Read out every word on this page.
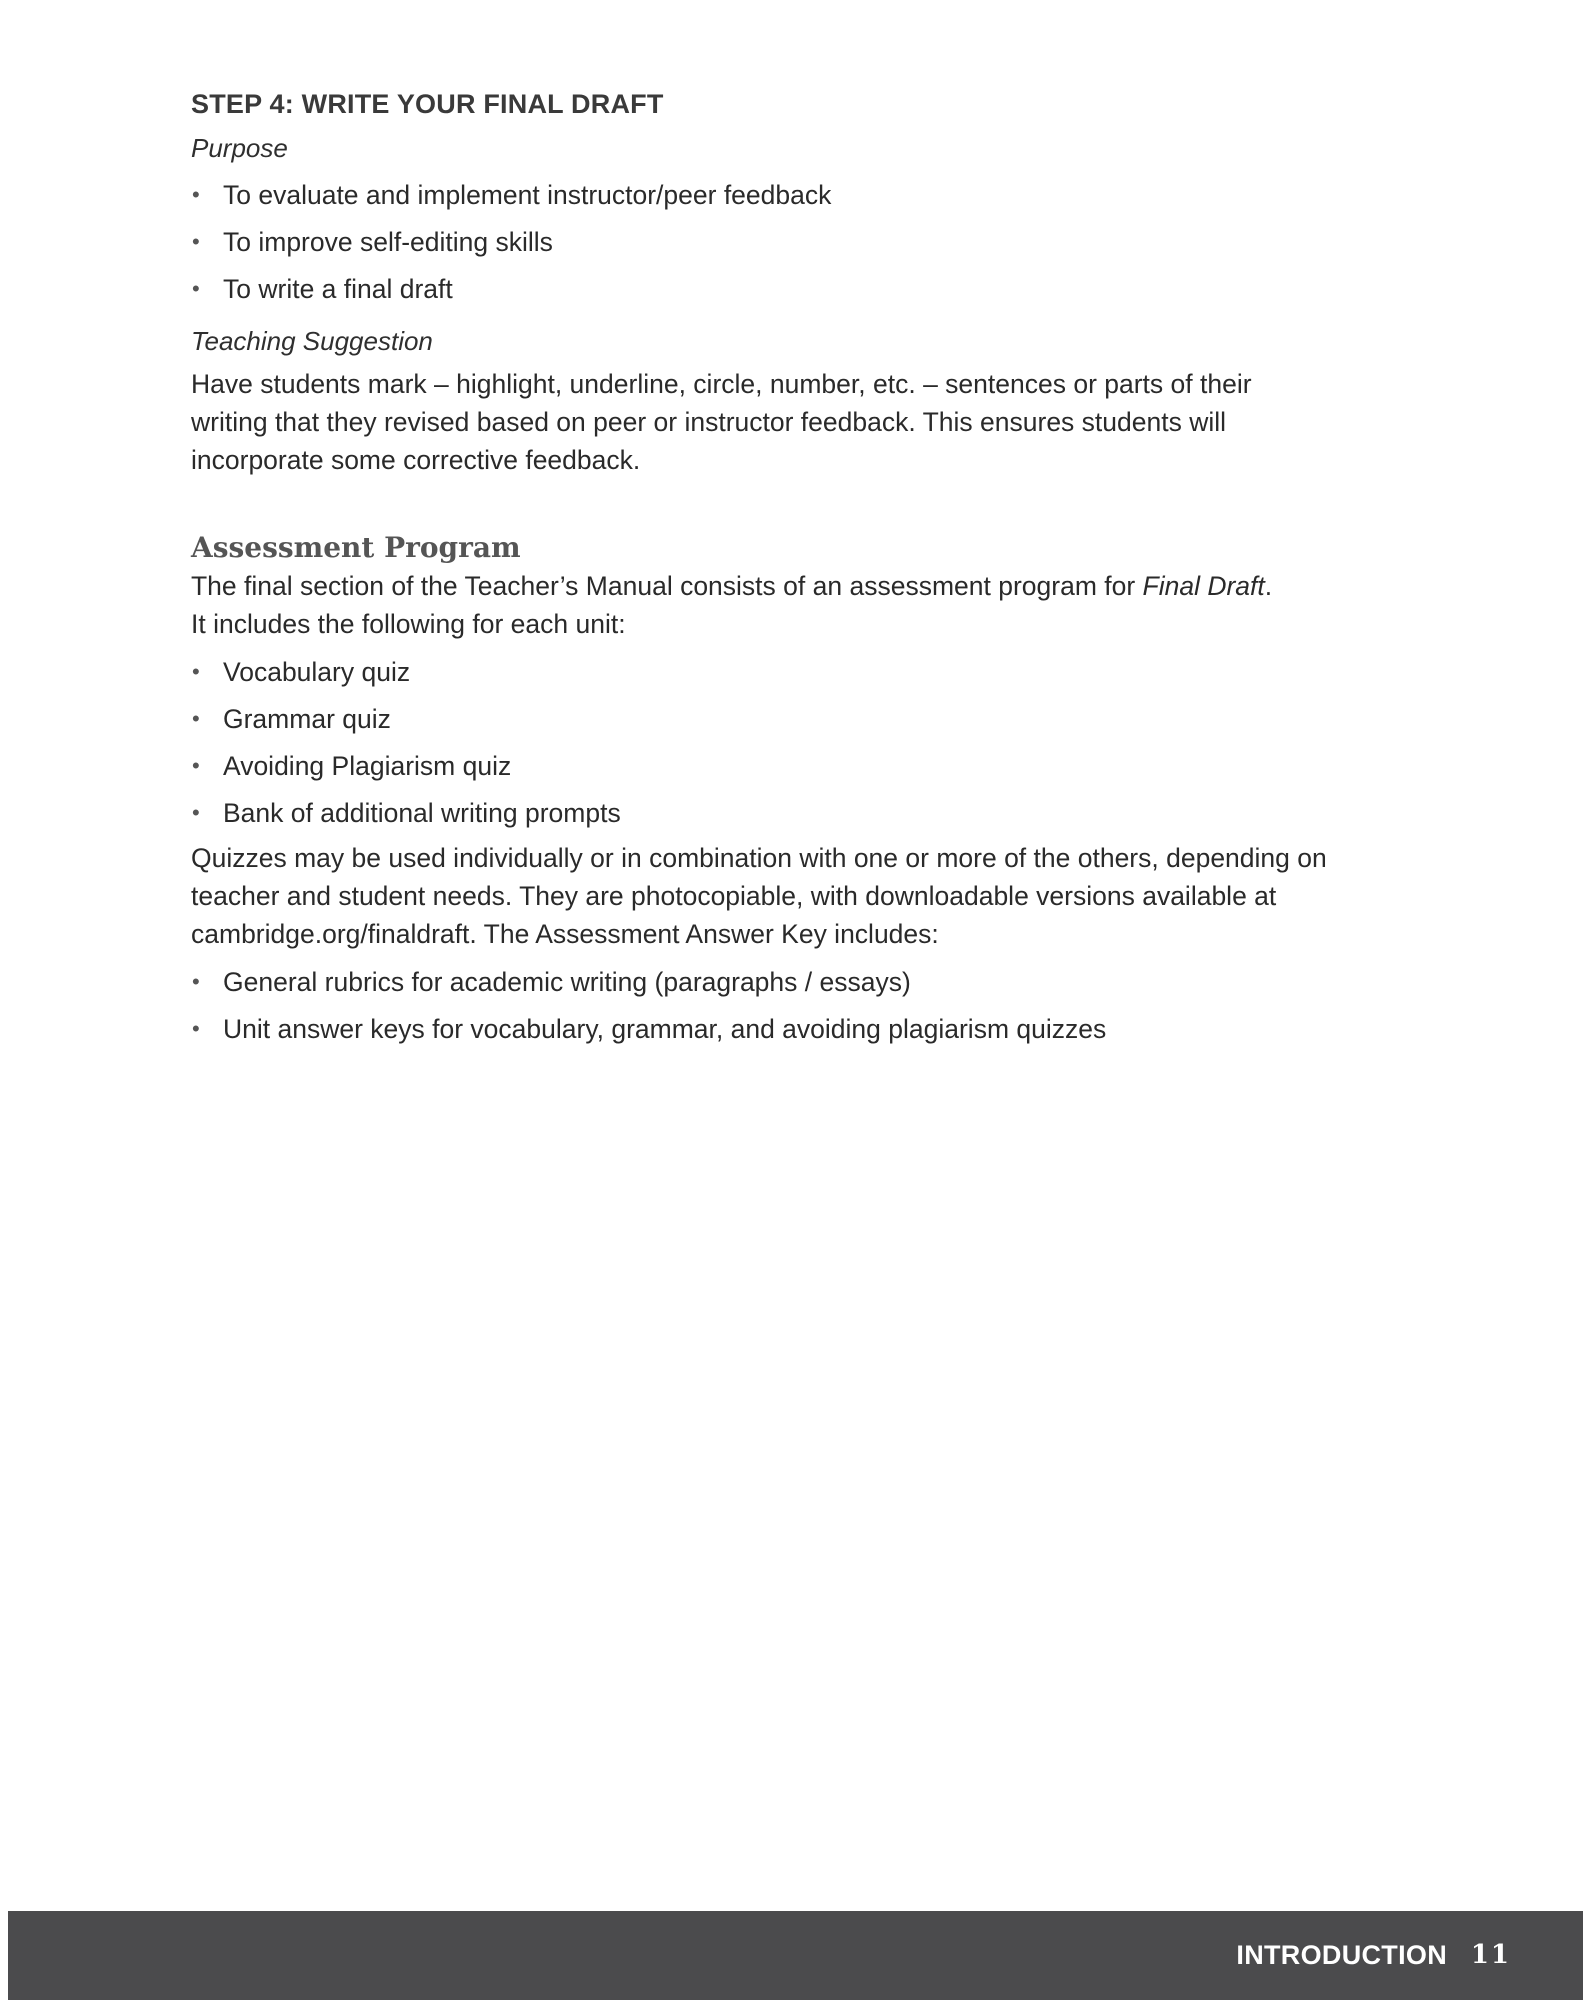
STEP 4: WRITE YOUR FINAL DRAFT
Purpose
• To evaluate and implement instructor/peer feedback
• To improve self-editing skills
• To write a final draft
Teaching Suggestion

Have students mark – highlight, underline, circle, number, etc. – sentences or parts of their writing that they revised based on peer or instructor feedback. This ensures students will incorporate some corrective feedback.

Assessment Program

The final section of the Teacher’s Manual consists of an assessment program for Final Draft.
It includes the following for each unit:

• Vocabulary quiz
• Grammar quiz
• Avoiding Plagiarism quiz
• Bank of additional writing prompts

Quizzes may be used individually or in combination with one or more of the others, depending on teacher and student needs. They are photocopiable, with downloadable versions available at cambridge.org/finaldraft. The Assessment Answer Key includes:

• General rubrics for academic writing (paragraphs / essays)
• Unit answer keys for vocabulary, grammar, and avoiding plagiarism quizzes
INTRODUCTION 11
